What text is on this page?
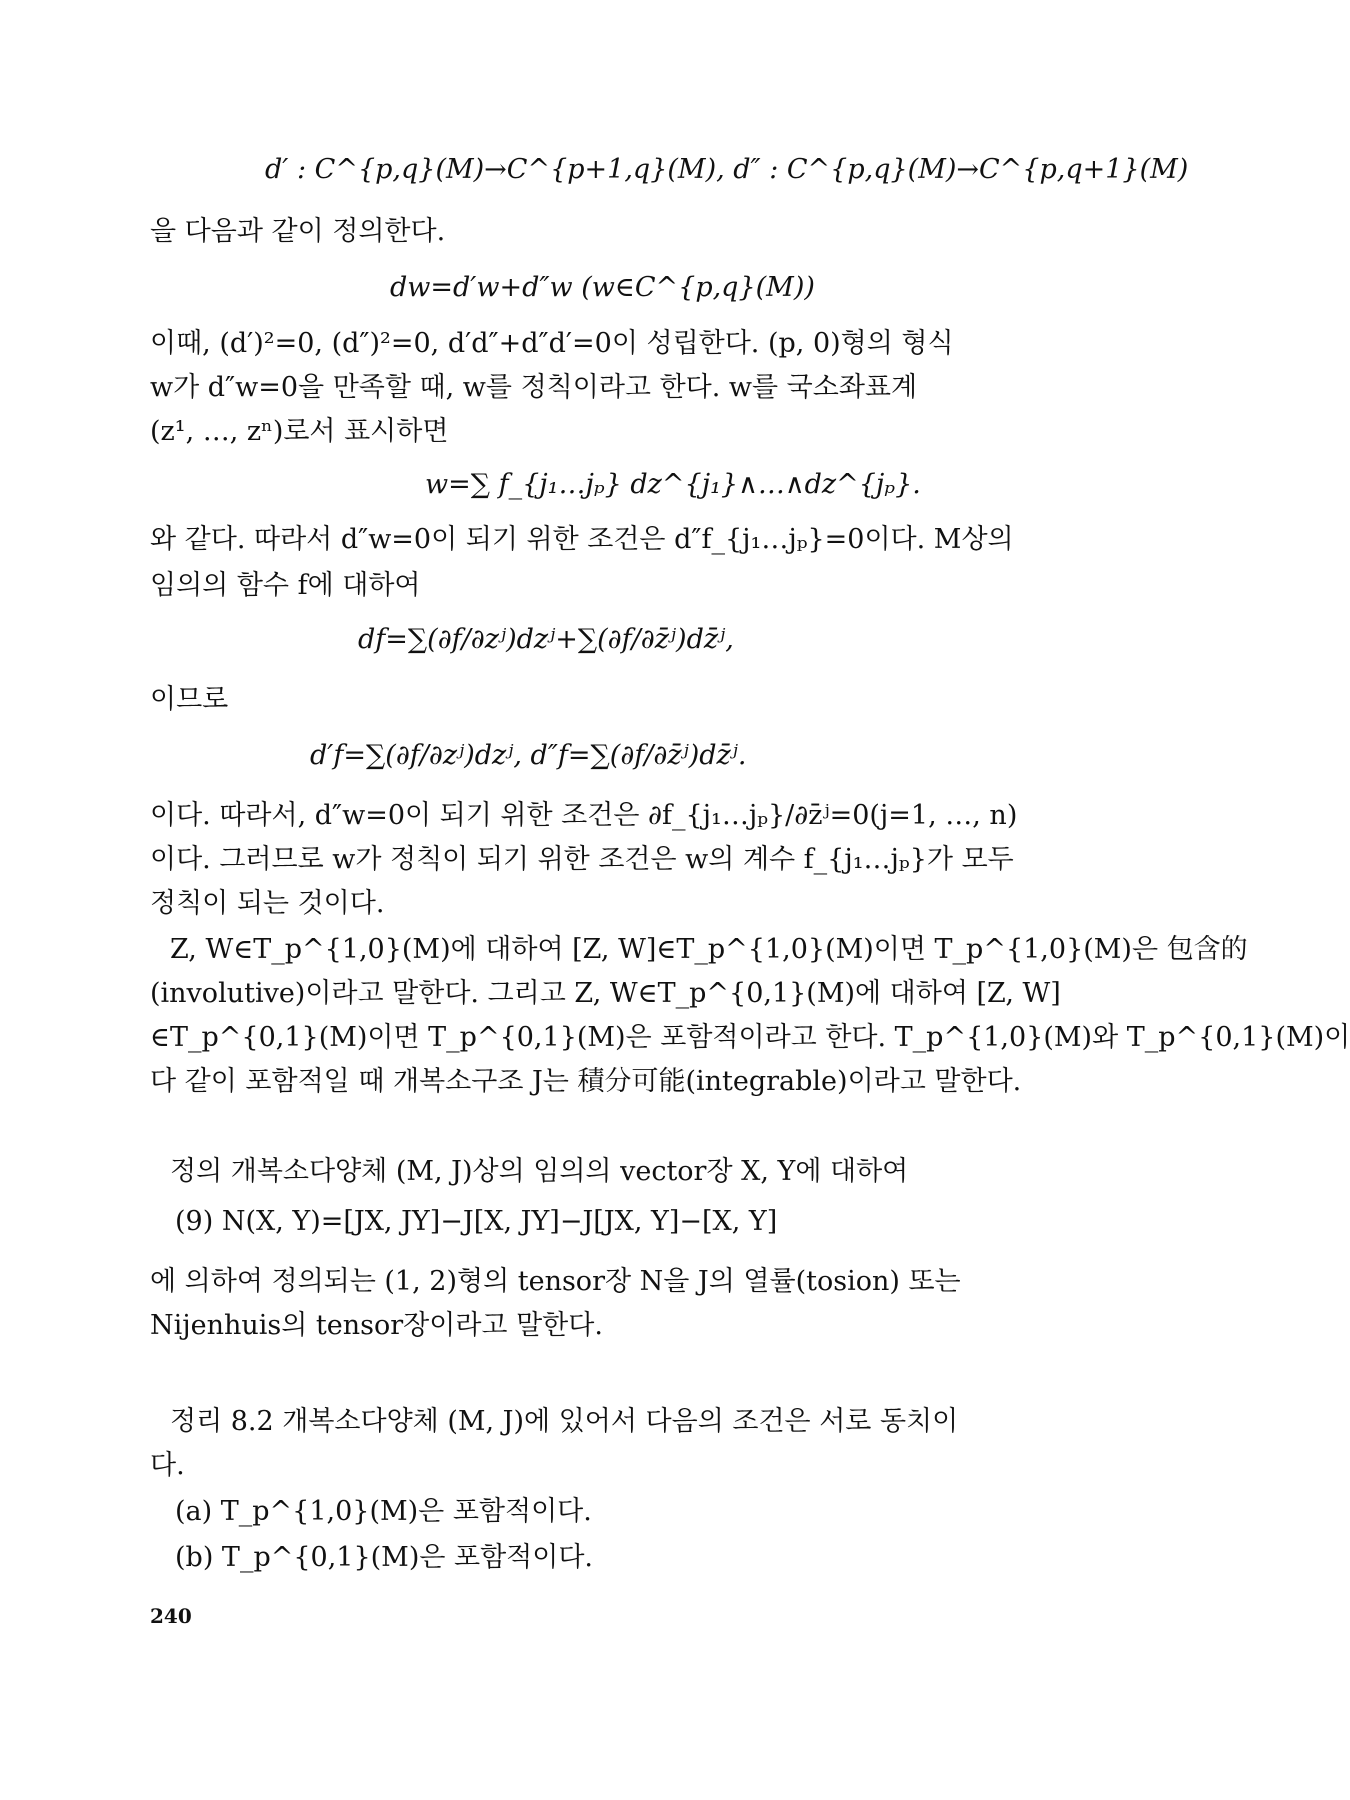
d′ : C^{p,q}(M)→C^{p+1,q}(M), d″ : C^{p,q}(M)→C^{p,q+1}(M)
을 다음과 같이 정의한다.
dw=d′w+d″w (w∈C^{p,q}(M))
이때, (d′)²=0, (d″)²=0, d′d″+d″d′=0이 성립한다. (p, 0)형의 형식
w가 d″w=0을 만족할 때, w를 정칙이라고 한다. w를 국소좌표계
(z¹, …, zⁿ)로서 표시하면
w=∑ f_{j₁…jₚ} dz^{j₁}∧…∧dz^{jₚ}.
와 같다. 따라서 d″w=0이 되기 위한 조건은 d″f_{j₁…jₚ}=0이다. M상의
임의의 함수 f에 대하여
df=∑(∂f/∂zʲ)dzʲ+∑(∂f/∂z̄ʲ)dz̄ʲ,
이므로
d′f=∑(∂f/∂zʲ)dzʲ, d″f=∑(∂f/∂z̄ʲ)dz̄ʲ.
이다. 따라서, d″w=0이 되기 위한 조건은 ∂f_{j₁…jₚ}/∂z̄ʲ=0(j=1, …, n)
이다. 그러므로 w가 정칙이 되기 위한 조건은 w의 계수 f_{j₁…jₚ}가 모두
정칙이 되는 것이다.
Z, W∈T_p^{1,0}(M)에 대하여 [Z, W]∈T_p^{1,0}(M)이면 T_p^{1,0}(M)은 包含的
(involutive)이라고 말한다. 그리고 Z, W∈T_p^{0,1}(M)에 대하여 [Z, W]
∈T_p^{0,1}(M)이면 T_p^{0,1}(M)은 포함적이라고 한다. T_p^{1,0}(M)와 T_p^{0,1}(M)이
다 같이 포함적일 때 개복소구조 J는 積分可能(integrable)이라고 말한다.
정의 개복소다양체 (M, J)상의 임의의 vector장 X, Y에 대하여
(9) N(X, Y)=[JX, JY]−J[X, JY]−J[JX, Y]−[X, Y]
에 의하여 정의되는 (1, 2)형의 tensor장 N을 J의 열률(tosion) 또는
Nijenhuis의 tensor장이라고 말한다.
정리 8.2 개복소다양체 (M, J)에 있어서 다음의 조건은 서로 동치이
다.
(a) T_p^{1,0}(M)은 포함적이다.
(b) T_p^{0,1}(M)은 포함적이다.
240
